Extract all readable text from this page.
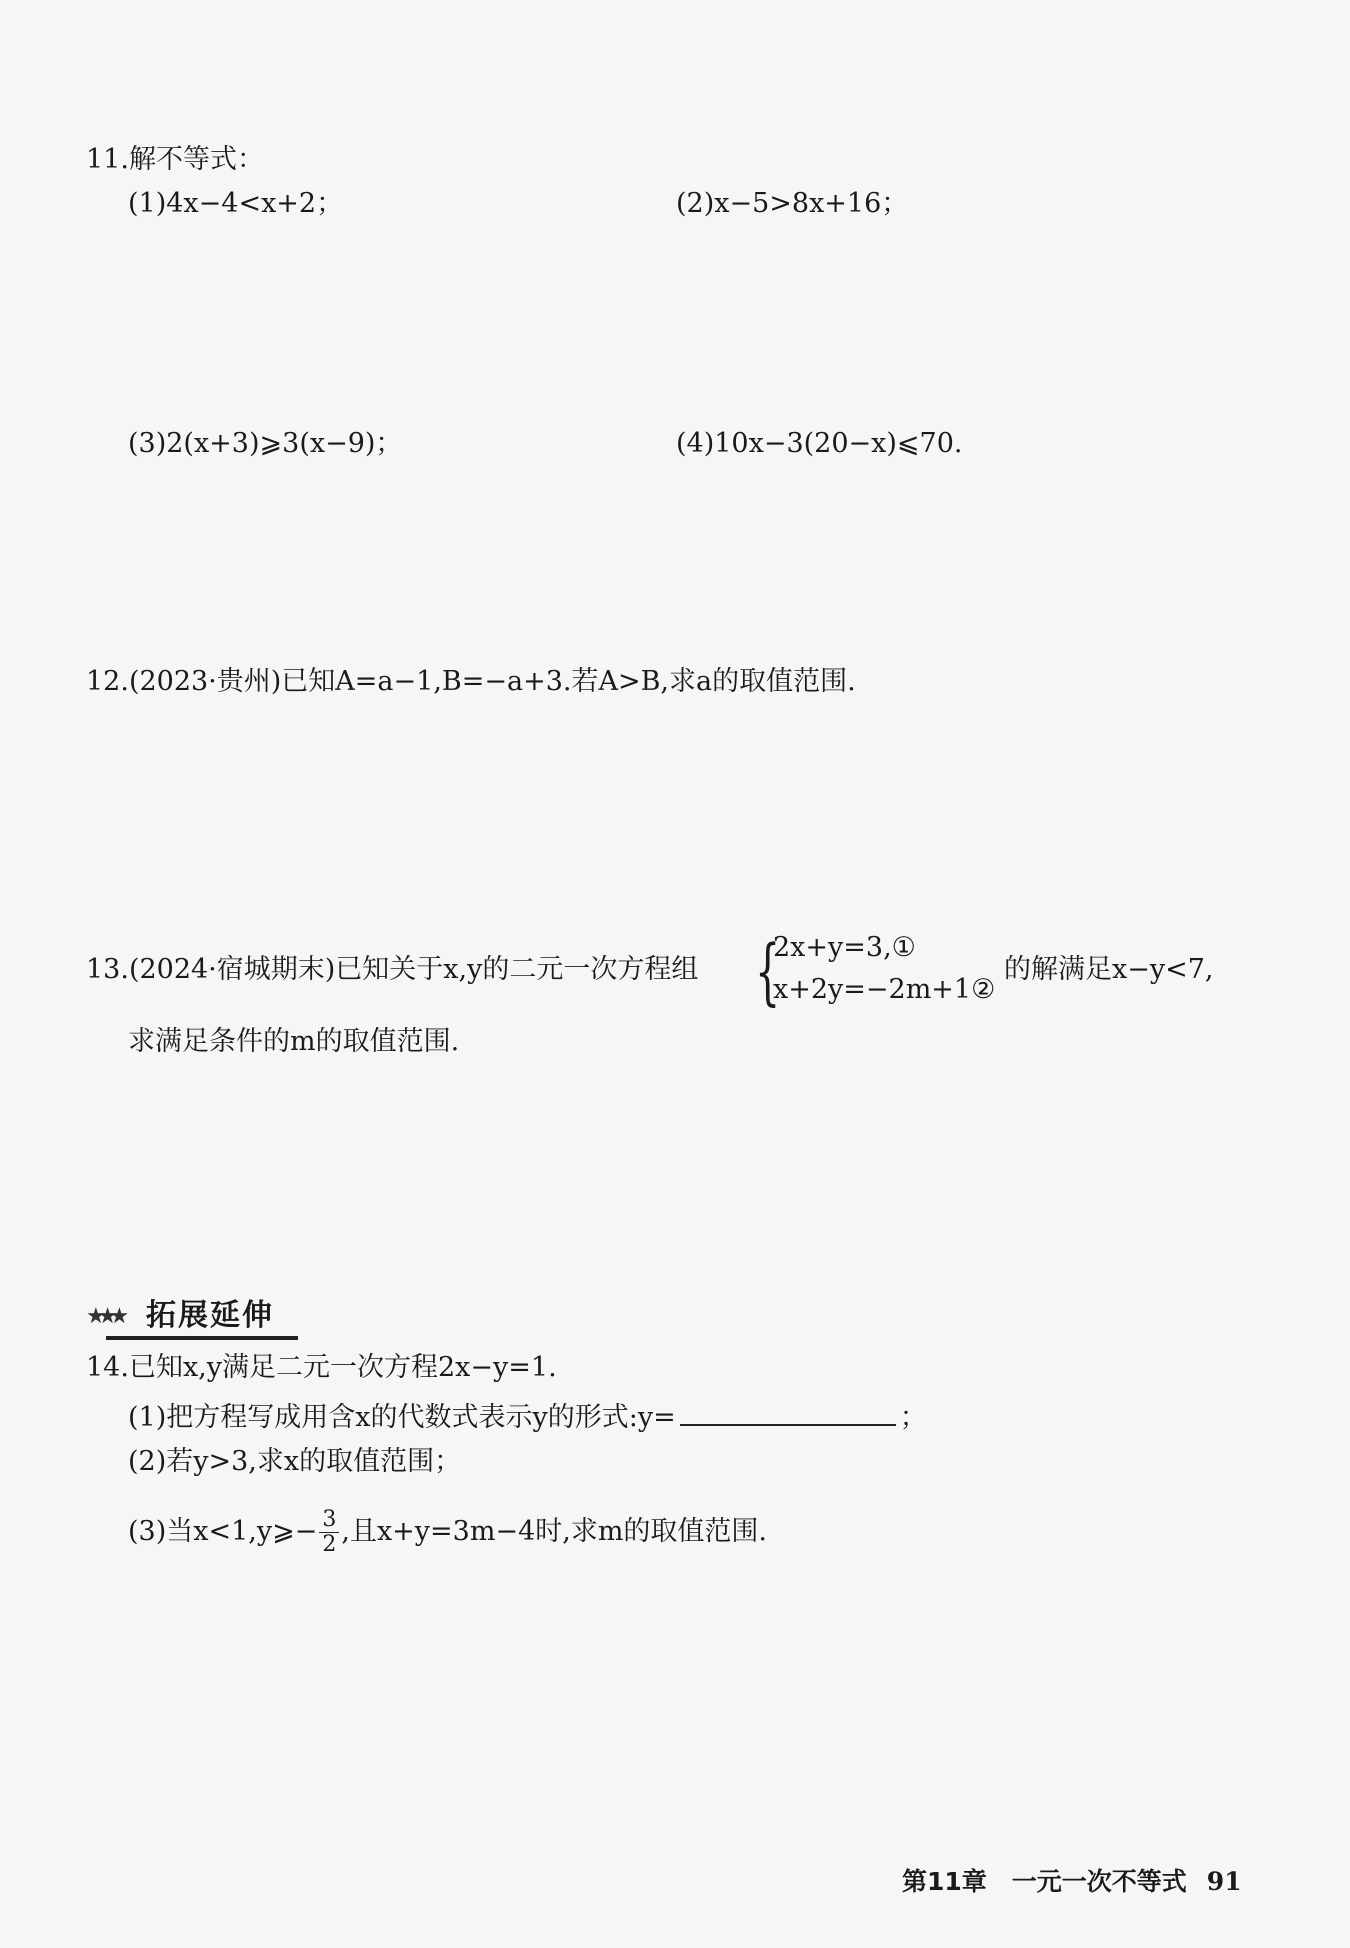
11.解不等式：
(1)4x−4<x+2；	(2)x−5>8x+16；
(3)2(x+3)⩾3(x−9)；	(4)10x−3(20−x)⩽70.
12.(2023·贵州)已知A=a−1,B=−a+3.若A>B,求a的取值范围.
13.(2024·宿城期末)已知关于x,y的二元一次方程组 {
2x+y=3,①
x+2y=−2m+1②
的解满足x−y<7,
求满足条件的m的取值范围.
★★★ 拓展延伸
14.已知x,y满足二元一次方程2x−y=1.
(1)把方程写成用含x的代数式表示y的形式:y=	；
(2)若y>3,求x的取值范围；
(3)当x<1,y⩾− $\frac{3}{2}$ ,且x+y=3m−4时,求m的取值范围.
第11章　一元一次不等式 91
